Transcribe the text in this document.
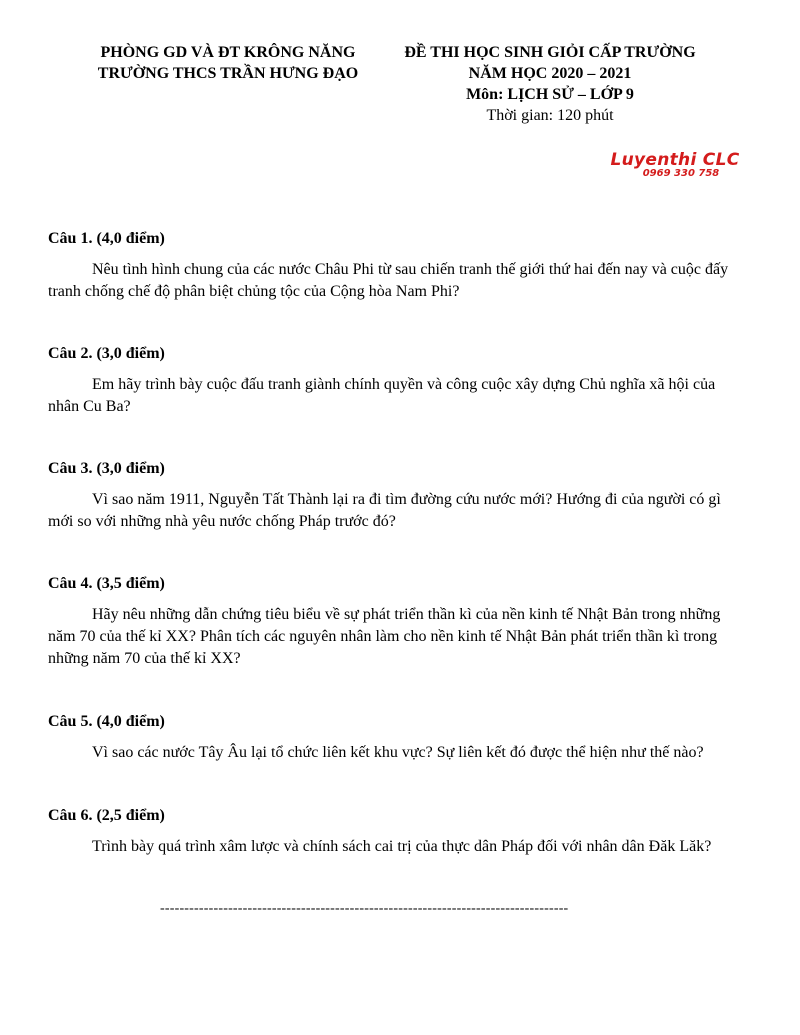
PHÒNG GD VÀ ĐT KRÔNG NĂNG
TRƯỜNG THCS TRẦN HƯNG ĐẠO
ĐỀ THI HỌC SINH GIỎI CẤP TRƯỜNG
NĂM HỌC 2020 – 2021
Môn: LỊCH SỬ – LỚP 9
Thời gian: 120 phút
Luyenthi CLC
0969 330 758
Câu 1. (4,0 điểm)
Nêu tình hình chung của các nước Châu Phi từ sau chiến tranh thế giới thứ hai đến nay và cuộc đấy tranh chống chế độ phân biệt chủng tộc của Cộng hòa Nam Phi?
Câu 2. (3,0 điểm)
Em hãy trình bày cuộc đấu tranh giành chính quyền và công cuộc xây dựng Chủ nghĩa xã hội của nhân Cu Ba?
Câu 3. (3,0 điểm)
Vì sao năm 1911, Nguyễn Tất Thành lại ra đi tìm đường cứu nước mới? Hướng đi của người có gì mới so với những nhà yêu nước chống Pháp trước đó?
Câu 4. (3,5 điểm)
Hãy nêu những dẫn chứng tiêu biểu về sự phát triển thần kì của nền kinh tế Nhật Bản trong những năm 70 của thế kỉ XX? Phân tích các nguyên nhân làm cho nền kinh tế Nhật Bản phát triển thần kì trong những năm 70 của thế kỉ XX?
Câu 5. (4,0 điểm)
Vì sao các nước Tây Âu lại tổ chức liên kết khu vực? Sự liên kết đó được thể hiện như thế nào?
Câu 6. (2,5 điểm)
Trình bày quá trình xâm lược và chính sách cai trị của thực dân Pháp đối với nhân dân Đăk Lăk?
------------------------------------------------------------------------------------
